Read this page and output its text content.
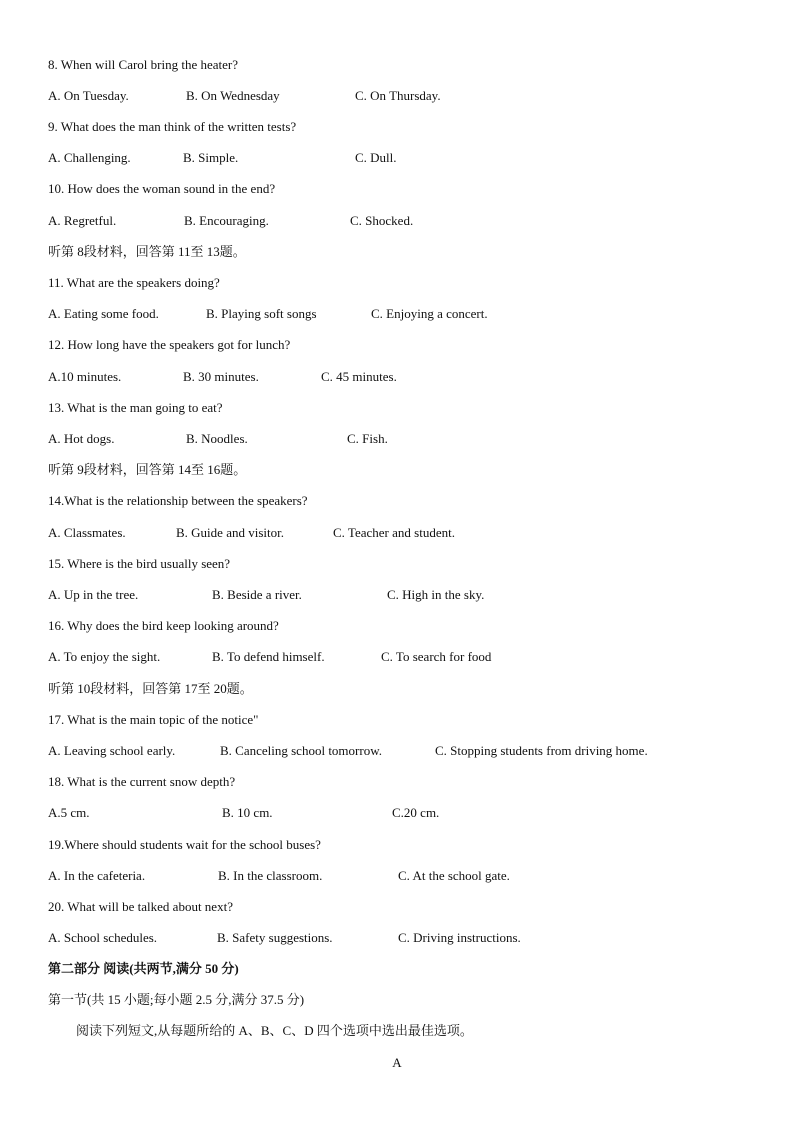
8. When will Carol bring the heater?
A. On Tuesday.	B. On Wednesday	C. On Thursday.
9. What does the man think of the written tests?
A. Challenging.	B. Simple.	C. Dull.
10. How does the woman sound in the end?
A. Regretful.	B. Encouraging.	C. Shocked.
听第 8段材料，回答第 11至 13题。
11. What are the speakers doing?
A. Eating some food.	B. Playing soft songs	C. Enjoying a concert.
12. How long have the speakers got for lunch?
A.10 minutes.	B. 30 minutes.	C. 45 minutes.
13. What is the man going to eat?
A. Hot dogs.	B. Noodles.	C. Fish.
听第 9段材料，回答第 14至 16题。
14.What is the relationship between the speakers?
A. Classmates.	B. Guide and visitor.	C. Teacher and student.
15. Where is the bird usually seen?
A. Up in the tree.	B. Beside a river.	C. High in the sky.
16. Why does the bird keep looking around?
A. To enjoy the sight.	B. To defend himself.	C. To search for food
听第 10段材料，回答第 17至 20题。
17. What is the main topic of the notice"
A. Leaving school early.	B. Canceling school tomorrow.	C. Stopping students from driving home.
18. What is the current snow depth?
A.5 cm.	B. 10 cm.	C.20 cm.
19.Where should students wait for the school buses?
A. In the cafeteria.	B. In the classroom.	C. At the school gate.
20. What will be talked about next?
A. School schedules.	B. Safety suggestions.	C. Driving instructions.
第二部分 阅读(共两节,满分 50 分)
第一节(共 15 小题;每小题 2.5 分,满分 37.5 分)
阅读下列短文,从每题所给的 A、B、C、D 四个选项中选出最佳选项。
A
